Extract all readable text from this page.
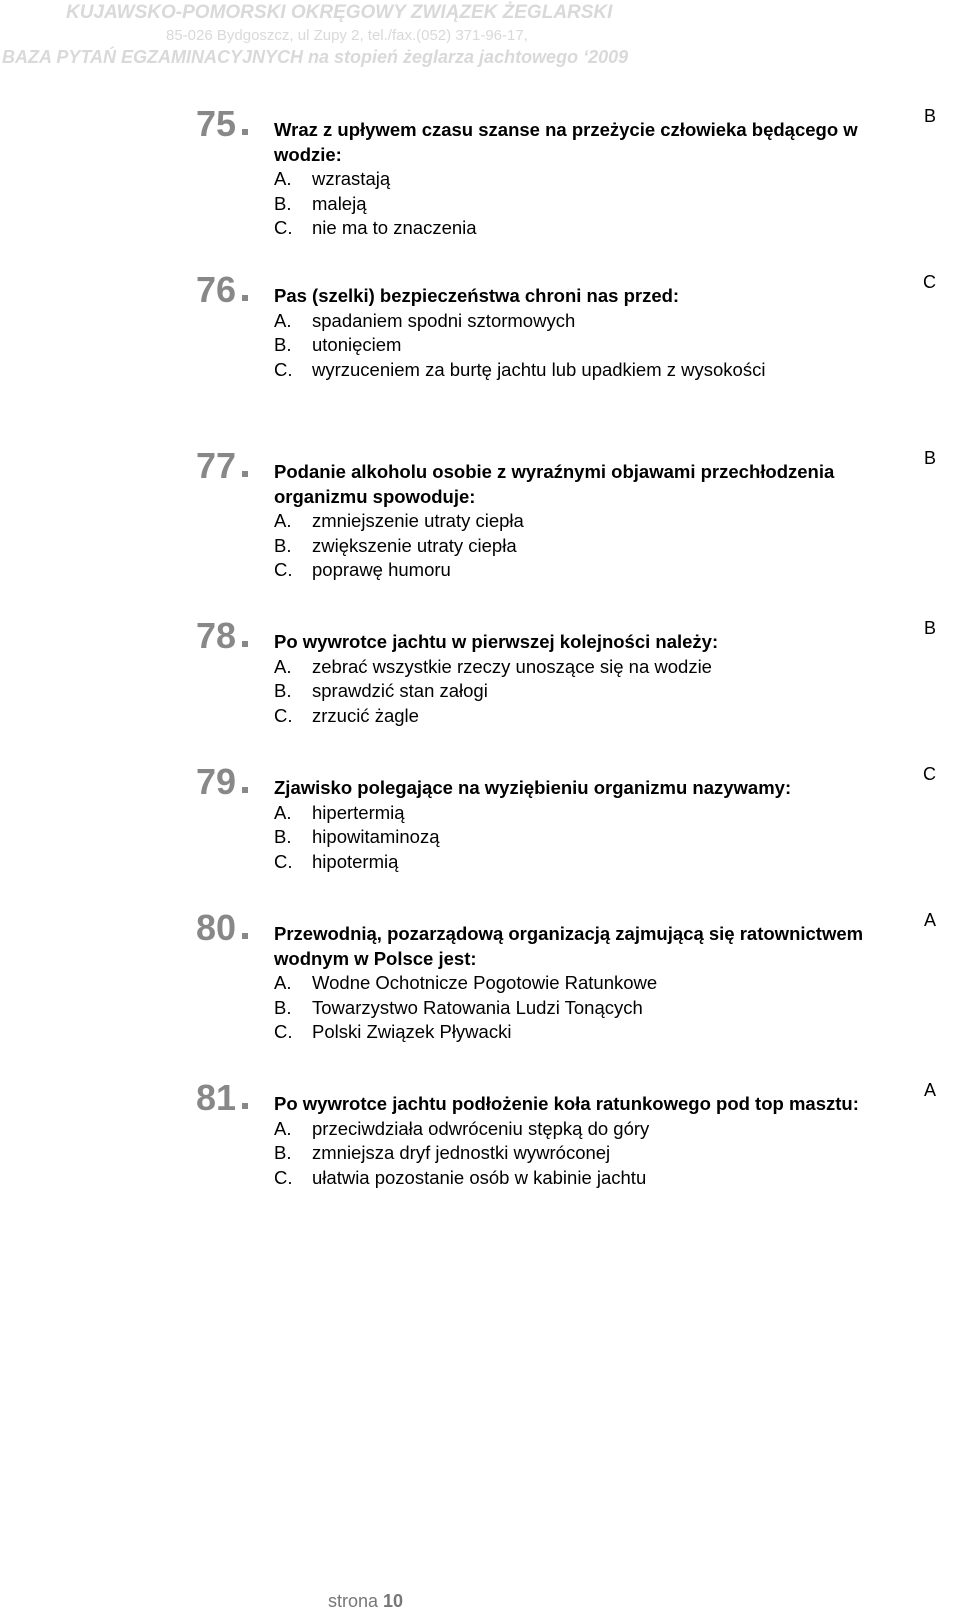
KUJAWSKO-POMORSKI OKRĘGOWY ZWIĄZEK ŻEGLARSKI
85-026 Bydgoszcz, ul Zupy 2, tel./fax.(052) 371-96-17,
BAZA PYTAŃ EGZAMINACYJNYCH na stopień żeglarza jachtowego ‘2009
75	B
Wraz z upływem czasu szanse na przeżycie człowieka będącego w wodzie:
A.	wzrastają
B.	maleją
C.	nie ma to znaczenia
76	C
Pas (szelki) bezpieczeństwa chroni nas przed:
A.	spadaniem spodni sztormowych
B.	utonięciem
C.	wyrzuceniem za burtę jachtu lub upadkiem z wysokości
77	B
Podanie alkoholu osobie z wyraźnymi objawami przechłodzenia organizmu spowoduje:
A.	zmniejszenie utraty ciepła
B.	zwiększenie utraty ciepła
C.	poprawę humoru
78	B
Po wywrotce jachtu w pierwszej kolejności należy:
A.	zebrać wszystkie rzeczy unoszące się na wodzie
B.	sprawdzić stan załogi
C.	zrzucić żagle
79	C
Zjawisko polegające na wyziębieniu organizmu nazywamy:
A.	hipertermią
B.	hipowitaminozą
C.	hipotermią
80	A
Przewodnią, pozarządową organizacją zajmującą się ratownictwem wodnym w Polsce jest:
A.	Wodne Ochotnicze Pogotowie Ratunkowe
B.	Towarzystwo Ratowania Ludzi Tonących
C.	Polski Związek Pływacki
81	A
Po wywrotce jachtu podłożenie koła ratunkowego pod top masztu:
A.	przeciwdziała odwróceniu stępką do góry
B.	zmniejsza dryf jednostki wywróconej
C.	ułatwia pozostanie osób w kabinie jachtu
strona 10
